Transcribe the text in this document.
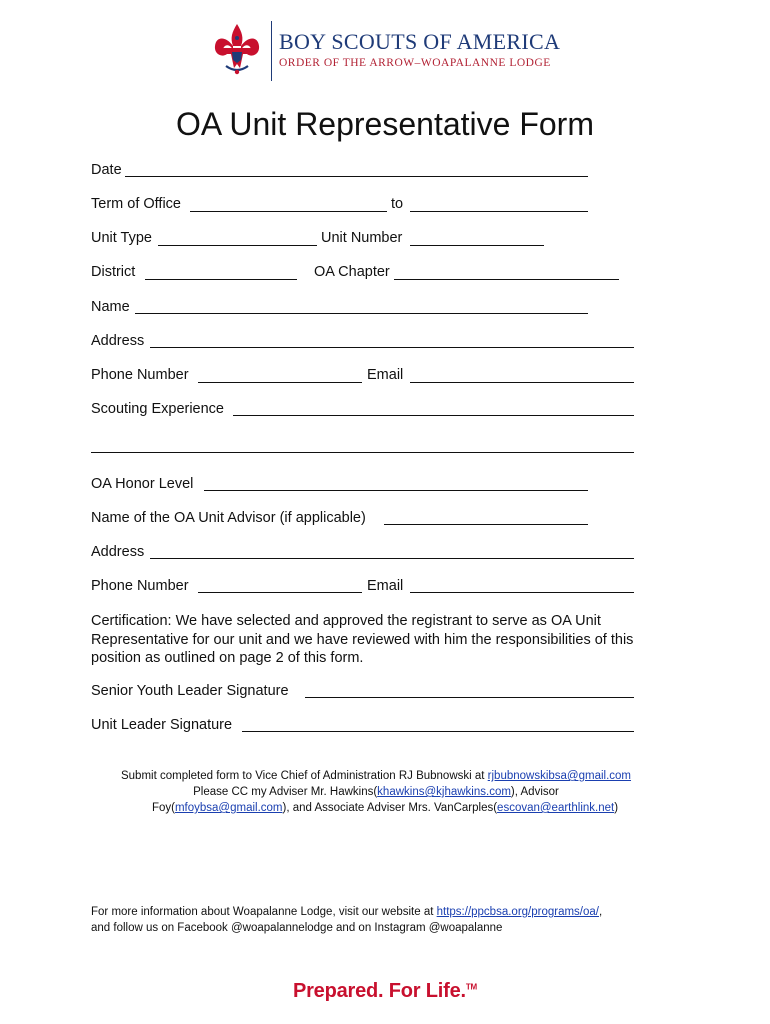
BOY SCOUTS OF AMERICA
ORDER OF THE ARROW–WOAPALANNE LODGE
OA Unit Representative Form
Date
Term of Office	to
Unit Type	Unit Number
District	OA Chapter
Name
Address
Phone Number	Email
Scouting Experience
OA Honor Level
Name of the OA Unit Advisor (if applicable)
Address
Phone Number	Email
Certification: We have selected and approved the registrant to serve as OA Unit
Representative for our unit and we have reviewed with him the responsibilities of this
position as outlined on page 2 of this form.
Senior Youth Leader Signature
Unit Leader Signature
Submit completed form to Vice Chief of Administration RJ Bubnowski at rjbubnowskibsa@gmail.com
Please CC my Adviser Mr. Hawkins(khawkins@kjhawkins.com), Advisor
Foy(mfoybsa@gmail.com), and Associate Adviser Mrs. VanCarples(escovan@earthlink.net)
For more information about Woapalanne Lodge, visit our website at https://ppcbsa.org/programs/oa/,
and follow us on Facebook @woapalannelodge and on Instagram @woapalanne
Prepared. For Life.™
